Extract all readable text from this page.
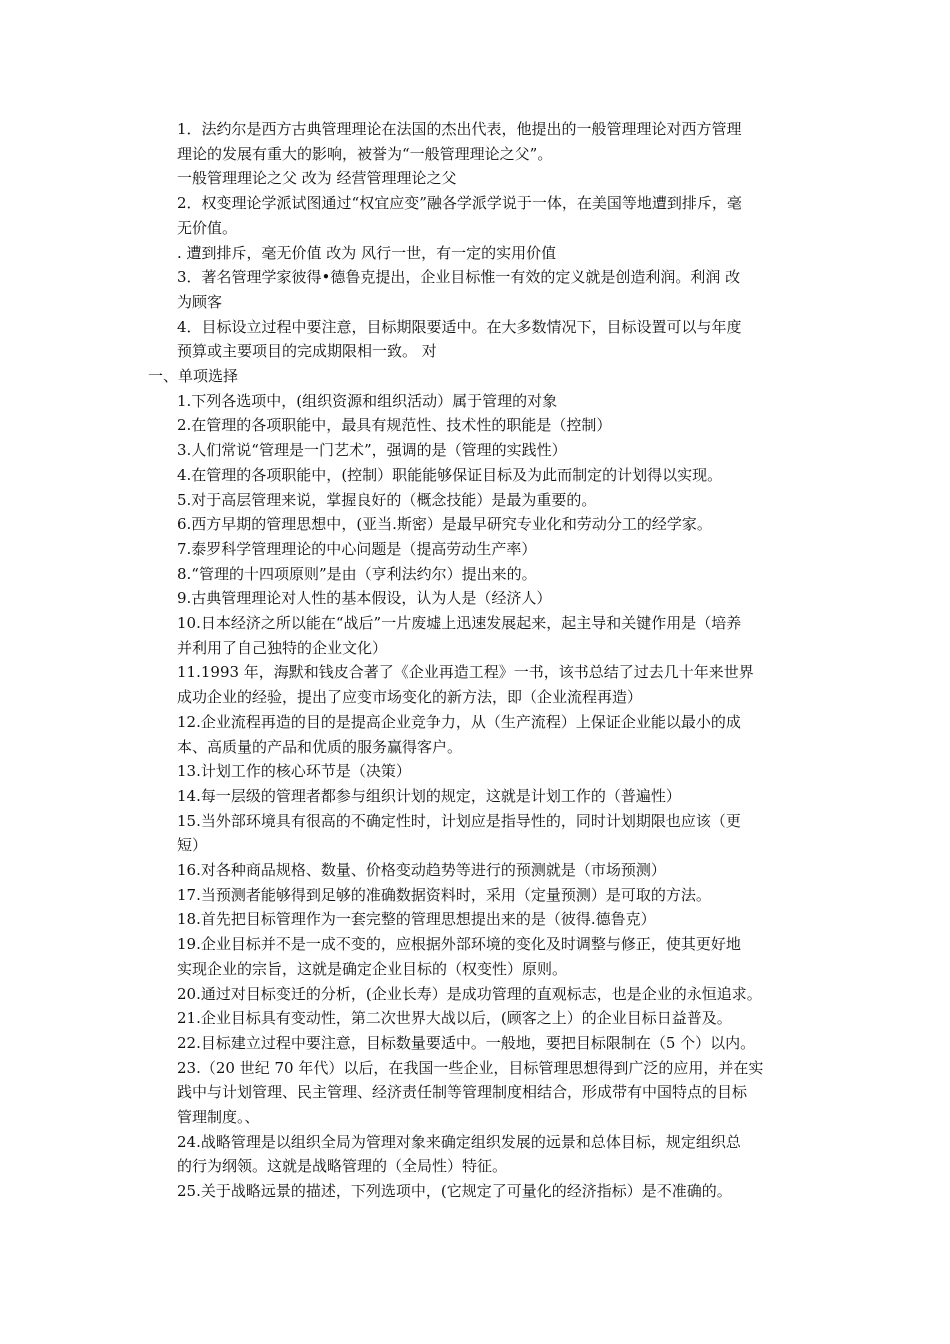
1．法约尔是西方古典管理理论在法国的杰出代表，他提出的一般管理理论对西方管理
理论的发展有重大的影响，被誉为“一般管理理论之父”。
一般管理理论之父 改为 经营管理理论之父
2．权变理论学派试图通过“权宜应变”融各学派学说于一体，在美国等地遭到排斥，毫
无价值。
. 遭到排斥，毫无价值 改为 风行一世，有一定的实用价值
3．著名管理学家彼得•德鲁克提出，企业目标惟一有效的定义就是创造利润。利润 改
为顾客
4．目标设立过程中要注意，目标期限要适中。在大多数情况下，目标设置可以与年度
预算或主要项目的完成期限相一致。 对
一、单项选择
1.下列各选项中，(组织资源和组织活动）属于管理的对象
2.在管理的各项职能中，最具有规范性、技术性的职能是（控制）
3.人们常说“管理是一门艺术”，强调的是（管理的实践性）
4.在管理的各项职能中，(控制）职能能够保证目标及为此而制定的计划得以实现。
5.对于高层管理来说，掌握良好的（概念技能）是最为重要的。
6.西方早期的管理思想中，(亚当.斯密）是最早研究专业化和劳动分工的经学家。
7.泰罗科学管理理论的中心问题是（提高劳动生产率）
8.“管理的十四项原则”是由（亨利法约尔）提出来的。
9.古典管理理论对人性的基本假设，认为人是（经济人）
10.日本经济之所以能在“战后”一片废墟上迅速发展起来，起主导和关键作用是（培养
并利用了自己独特的企业文化）
11.1993 年，海默和钱皮合著了《企业再造工程》一书，该书总结了过去几十年来世界
成功企业的经验，提出了应变市场变化的新方法，即（企业流程再造）
12.企业流程再造的目的是提高企业竞争力，从（生产流程）上保证企业能以最小的成
本、高质量的产品和优质的服务赢得客户。
13.计划工作的核心环节是（决策）
14.每一层级的管理者都参与组织计划的规定，这就是计划工作的（普遍性）
15.当外部环境具有很高的不确定性时，计划应是指导性的，同时计划期限也应该（更
短）
16.对各种商品规格、数量、价格变动趋势等进行的预测就是（市场预测）
17.当预测者能够得到足够的准确数据资料时，采用（定量预测）是可取的方法。
18.首先把目标管理作为一套完整的管理思想提出来的是（彼得.德鲁克）
19.企业目标并不是一成不变的，应根据外部环境的变化及时调整与修正，使其更好地
实现企业的宗旨，这就是确定企业目标的（权变性）原则。
20.通过对目标变迁的分析，(企业长寿）是成功管理的直观标志，也是企业的永恒追求。
21.企业目标具有变动性，第二次世界大战以后，(顾客之上）的企业目标日益普及。
22.目标建立过程中要注意，目标数量要适中。一般地，要把目标限制在（5 个）以内。
23.（20 世纪 70 年代）以后，在我国一些企业，目标管理思想得到广泛的应用，并在实
践中与计划管理、民主管理、经济责任制等管理制度相结合，形成带有中国特点的目标
管理制度。、
24.战略管理是以组织全局为管理对象来确定组织发展的远景和总体目标，规定组织总
的行为纲领。这就是战略管理的（全局性）特征。
25.关于战略远景的描述，下列选项中，(它规定了可量化的经济指标）是不准确的。
